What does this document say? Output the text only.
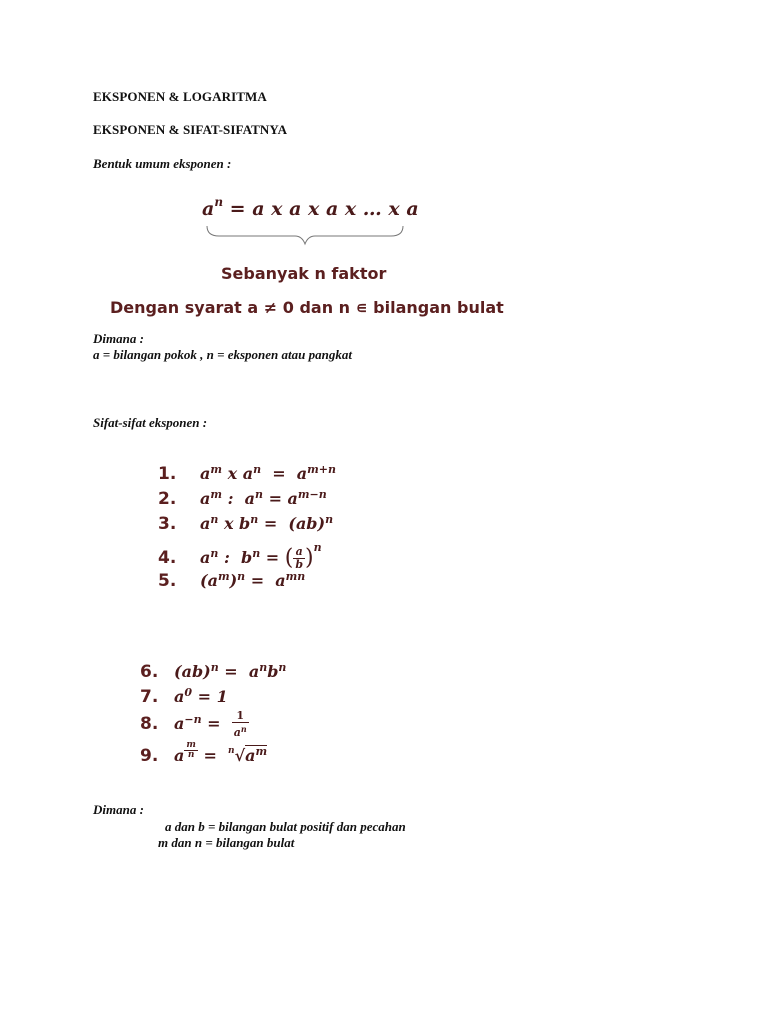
EKSPONEN & LOGARITMA
EKSPONEN & SIFAT-SIFATNYA
Bentuk umum eksponen :
$a^n = a$ x a x a x … x a
Sebanyak n faktor
Dengan syarat a ≠ 0 dan n ∊ bilangan bulat
Dimana :
a = bilangan pokok , n = eksponen atau pangkat
Sifat-sifat eksponen :
1. $a^m$ x $a^n = a^{m+n}$
2. $a^m$ :  $a^n = a^{m-n}$
3. $a^n$ x $b^n = (ab)^n$
4. $a^n$ :  $b^n$ = ( $\frac{a}{b} )^n$
5. $(a^m)^n = a^{mn}$
6. $(ab)^n = a^nb^n$
7. $a^0 = 1$
8. $a^{-n} = \frac{1}{a^n}$
9. a $^{\frac{m}{n}} = ^n√a^m$
Dimana :
a dan b = bilangan bulat positif dan pecahan
m dan n = bilangan bulat
